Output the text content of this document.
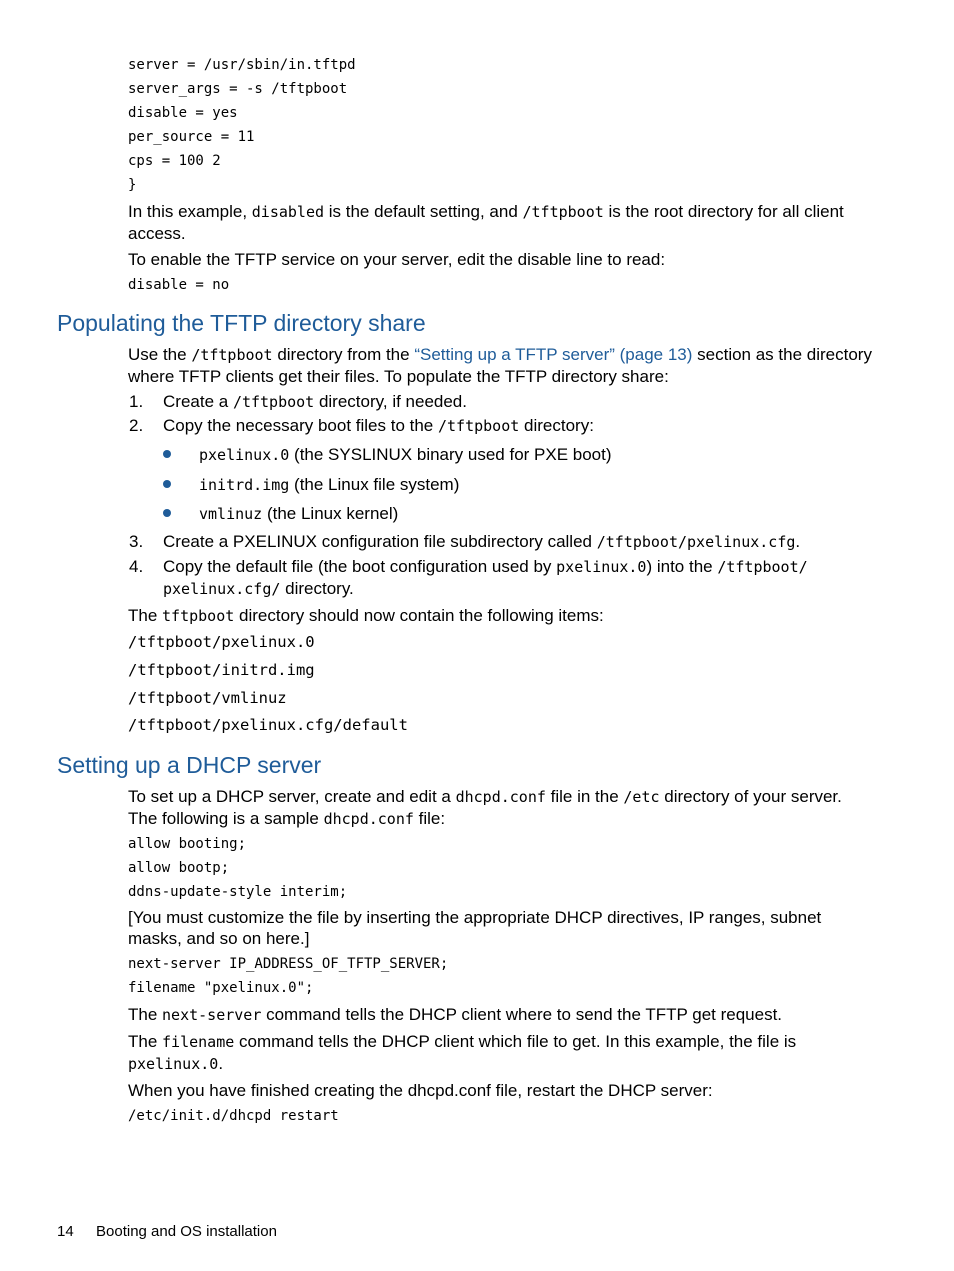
server = /usr/sbin/in.tftpd
server_args = -s /tftpboot
disable = yes
per_source = 11
cps = 100 2
}

In this example, disabled is the default setting, and /tftpboot is the root directory for all client access.

To enable the TFTP service on your server, edit the disable line to read:

disable = no
Populating the TFTP directory share

Use the /tftpboot directory from the “Setting up a TFTP server” (page 13) section as the directory where TFTP clients get their files. To populate the TFTP directory share:

1. Create a /tftpboot directory, if needed.
2. Copy the necessary boot files to the /tftpboot directory:
pxelinux.0 (the SYSLINUX binary used for PXE boot)
initrd.img (the Linux file system)
vmlinuz (the Linux kernel)
3. Create a PXELINUX configuration file subdirectory called /tftpboot/pxelinux.cfg.
4. Copy the default file (the boot configuration used by pxelinux.0) into the /tftpboot/ pxelinux.cfg/ directory.

The tftpboot directory should now contain the following items:

/tftpboot/pxelinux.0
/tftpboot/initrd.img
/tftpboot/vmlinuz
/tftpboot/pxelinux.cfg/default
Setting up a DHCP server

To set up a DHCP server, create and edit a dhcpd.conf file in the /etc directory of your server. The following is a sample dhcpd.conf file:

allow booting;
allow bootp;
ddns-update-style interim;

[You must customize the file by inserting the appropriate DHCP directives, IP ranges, subnet masks, and so on here.]

next-server IP_ADDRESS_OF_TFTP_SERVER;
filename "pxelinux.0";

The next-server command tells the DHCP client where to send the TFTP get request.

The filename command tells the DHCP client which file to get. In this example, the file is pxelinux.0.

When you have finished creating the dhcpd.conf file, restart the DHCP server:

/etc/init.d/dhcpd restart
14 Booting and OS installation
